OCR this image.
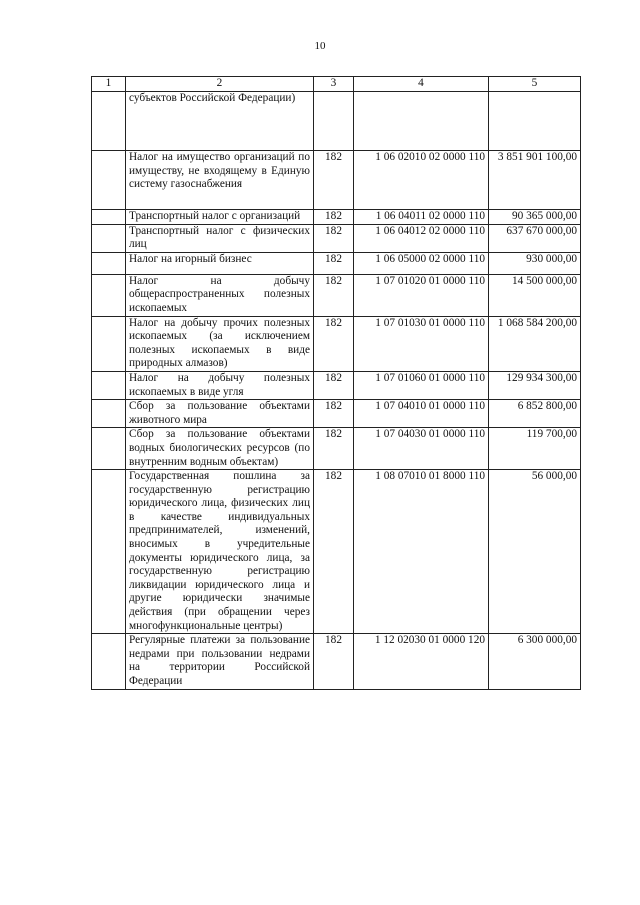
10
1	2	3	4	5
	субъектов Российской Федерации)			
	Налог на имущество организаций по имуществу, не входящему в Единую систему газоснабжения	182	1 06 02010 02 0000 110	3 851 901 100,00
	Транспортный налог с организаций	182	1 06 04011 02 0000 110	90 365 000,00
	Транспортный налог с физических лиц	182	1 06 04012 02 0000 110	637 670 000,00
	Налог на игорный бизнес	182	1 06 05000 02 0000 110	930 000,00
	Налог на добычу общераспространенных полезных ископаемых	182	1 07 01020 01 0000 110	14 500 000,00
	Налог на добычу прочих полезных ископаемых (за исключением полезных ископаемых в виде природных алмазов)	182	1 07 01030 01 0000 110	1 068 584 200,00
	Налог на добычу полезных ископаемых в виде угля	182	1 07 01060 01 0000 110	129 934 300,00
	Сбор за пользование объектами животного мира	182	1 07 04010 01 0000 110	6 852 800,00
	Сбор за пользование объектами водных биологических ресурсов (по внутренним водным объектам)	182	1 07 04030 01 0000 110	119 700,00
	Государственная пошлина за государственную регистрацию юридического лица, физических лиц в качестве индивидуальных предпринимателей, изменений, вносимых в учредительные документы юридического лица, за государственную регистрацию ликвидации юридического лица и другие юридически значимые действия (при обращении через многофункциональные центры)	182	1 08 07010 01 8000 110	56 000,00
	Регулярные платежи за пользование недрами при пользовании недрами на территории Российской Федерации	182	1 12 02030 01 0000 120	6 300 000,00
